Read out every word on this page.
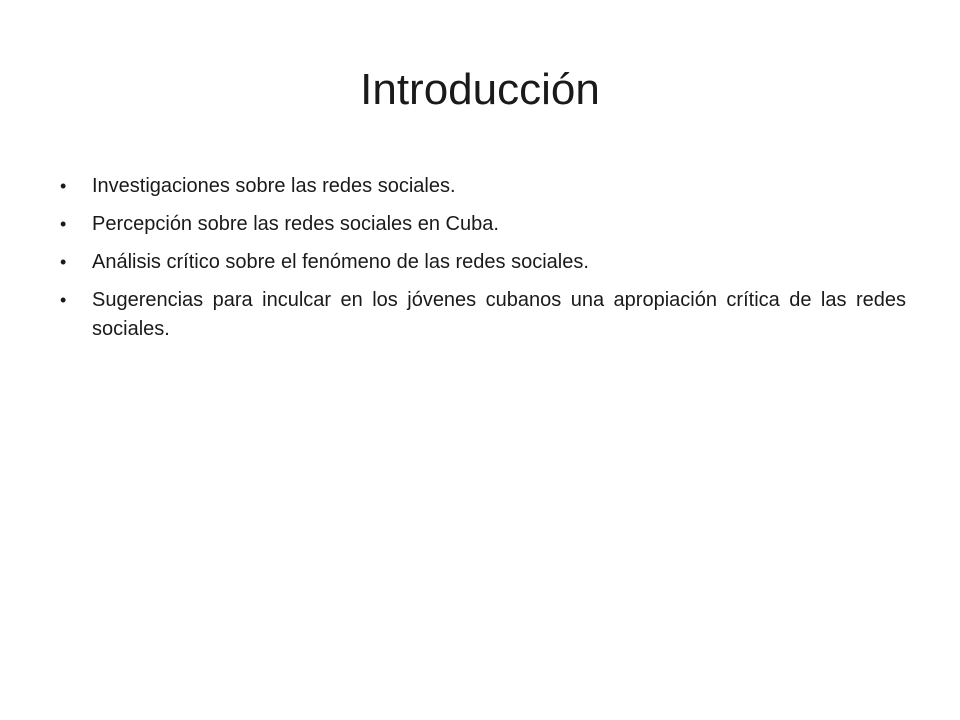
Introducción
•	Investigaciones sobre las redes sociales.
•	Percepción sobre las redes sociales en Cuba.
•	Análisis crítico sobre el fenómeno de las redes sociales.
•	Sugerencias para inculcar en los jóvenes cubanos una apropiación crítica de las redes sociales.
